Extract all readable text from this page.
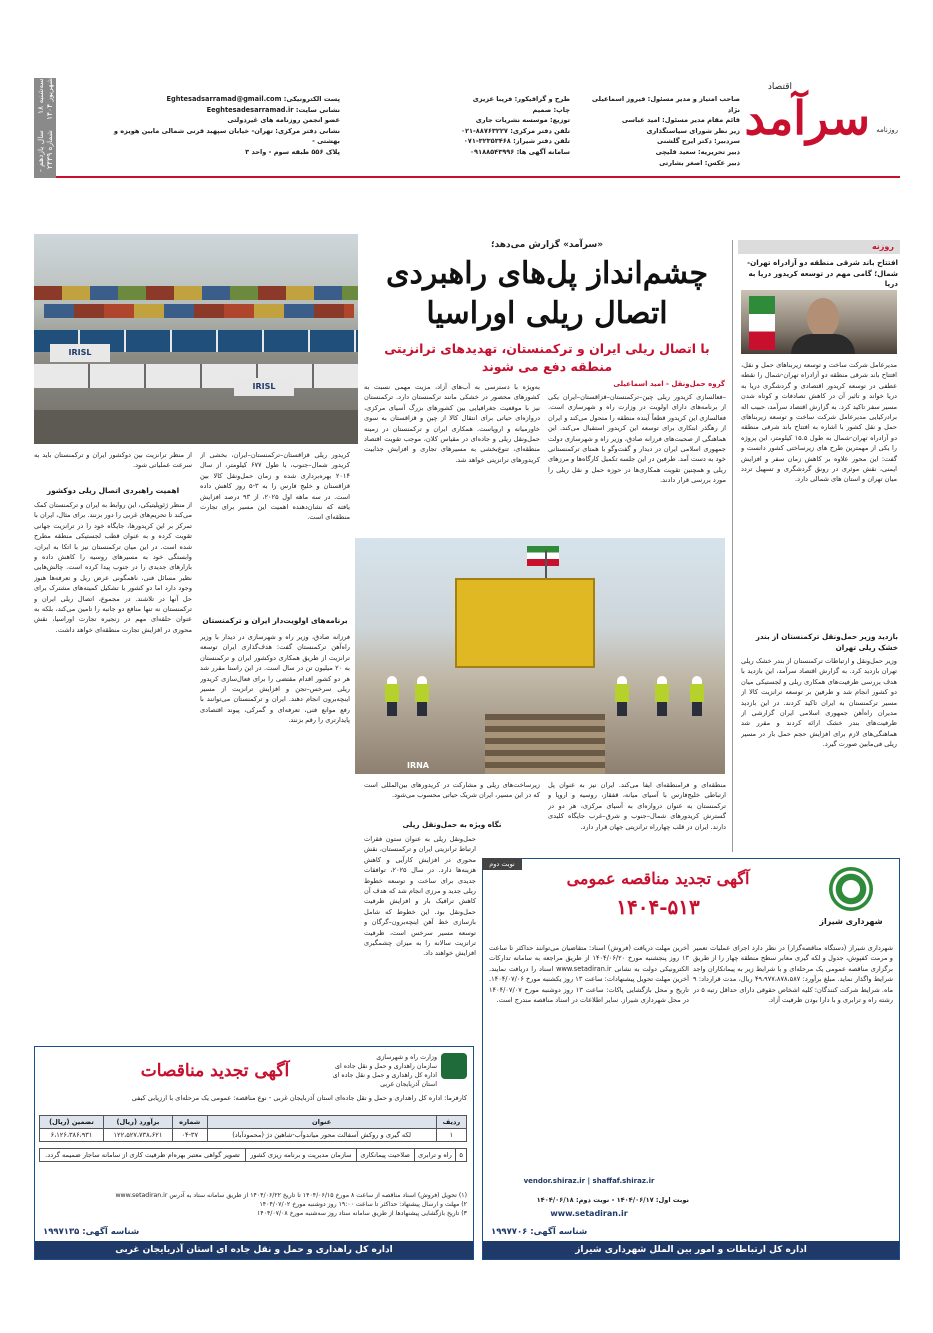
سه‌شنبه ۱۸ شهریور ۱۴۰۴
سال یازدهم - شماره ۲۴۳۹	سرآمد
اقتصاد
روزنامه
صاحب امتیاز و مدیر مسئول: فیروز اسماعیلی نژاد
قائم مقام مدیر مسئول: امید عباسی
زیر نظر شورای سیاستگذاری
سردبیر: دکتر ایرج گلشنی
دبیر تحریریه: سعید قلیچی
دبیر عکس: اصغر بشارتی
طرح و گرافیکور: فریبا عزیزی
چاپ: صمیم
توزیع: موسسه نشریات جاری
تلفن دفتر مرکزی: ۸۸۷۶۳۲۲۷-۰۲۱
تلفن دفتر شیراز: ۳۲۳۵۳۴۶۸-۰۷۱
سامانه آگهی ها: ۰۹۱۸۸۵۴۳۹۹۶
پست الکترونیکی: Eghtesadsarramad@gmail.com
نشانی سایت: Eeghtesadesarramad.ir
عضو انجمن روزنامه های غیردولتی
نشانی دفتر مرکزی: تهران- خیابان سپهبد قرنی شمالی مابین هویزه و بهشتی -
پلاک ۵۵۶ طبقه سوم - واحد ۳
روزنه
افتتاح باند شرقی منطقه دو آزادراه تهران- شمال؛ گامی مهم در توسعه کریدور دریا به دریا
مدیرعامل شرکت ساخت و توسعه زیربناهای حمل و نقل، افتتاح باند شرقی منطقه دو آزادراه تهران-شمال را نقطه عطفی در توسعه کریدور اقتصادی و گردشگری دریا به دریا خواند و تاثیر آن در کاهش تصادفات و کوتاه شدن مسیر سفر تاکید کرد. به گزارش اقتصاد سرآمد، حبیب اله برادرکیایی مدیرعامل شرکت ساخت و توسعه زیربناهای حمل و نقل کشور با اشاره به افتتاح باند شرقی منطقه دو آزادراه تهران-شمال به طول ۱۵.۵ کیلومتر، این پروژه را یکی از مهمترین طرح های زیرساختی کشور دانست و گفت: این محور علاوه بر کاهش زمان سفر و افزایش ایمنی، نقش موثری در رونق گردشگری و تسهیل تردد میان تهران و استان های شمالی دارد.
بازدید وزیر حمل‌ونقل ترکمنستان از بندر خشک ریلی تهران
وزیر حمل‌ونقل و ارتباطات ترکمنستان از بندر خشک ریلی تهران بازدید کرد. به گزارش اقتصاد سرآمد، این بازدید با هدف بررسی ظرفیت‌های همکاری ریلی و لجستیکی میان دو کشور انجام شد و طرفین بر توسعه ترانزیت کالا از مسیر ترکمنستان به ایران تاکید کردند. در این بازدید مدیران راه‌آهن جمهوری اسلامی ایران گزارشی از ظرفیت‌های بندر خشک ارائه کردند و مقرر شد هماهنگی‌های لازم برای افزایش حجم حمل بار در مسیر ریلی فی‌مابین صورت گیرد.
«سرآمد» گزارش می‌دهد؛
چشم‌انداز پل‌های راهبردی
اتصال ریلی اوراسیا
با اتصال ریلی ایران و ترکمنستان، تهدیدهای ترانزیتی منطقه دفع می شوند
IRISL
IRISL	گروه حمل‌ونقل - امید اسماعیلی
–فعالسازی کریدور ریلی چین–ترکمنستان–قزاقستان–ایران یکی از برنامه‌های دارای اولویت در وزارت راه و شهرسازی است. فعالسازی این کریدور قطعاً آینده منطقه را متحول می‌کند و ایران از رهگذر ابتکاری برای توسعه این کریدور استقبال می‌کند. این هماهنگی از صحبت‌های فرزانه صادق، وزیر راه و شهرسازی دولت جمهوری اسلامی ایران در دیدار و گفت‌وگو با همتای ترکمنستانی خود به دست آمد. طرفین در این جلسه تکمیل کارگاه‌ها و مرزهای ریلی و همچنین تقویت همکاری‌ها در حوزه حمل و نقل ریلی را مورد بررسی قرار دادند.
به‌ویژه با دسترسی به آب‌های آزاد، مزیت مهمی نسبت به کشورهای محصور در خشکی مانند ترکمنستان دارد. ترکمنستان نیز با موقعیت جغرافیایی بین کشورهای بزرگ آسیای مرکزی، دروازه‌ای حیاتی برای انتقال کالا از چین و قزاقستان به سوی خاورمیانه و اروپاست. همکاری ایران و ترکمنستان در زمینه حمل‌ونقل ریلی و جاده‌ای در مقیاس کلان، موجب تقویت اقتصاد منطقه‌ای، تنوع‌بخشی به مسیرهای تجاری و افزایش جذابیت کریدورهای ترانزیتی خواهد شد.
IRNA
منطقه‌ای و فرامنطقه‌ای ایفا می‌کند. ایران نیز به عنوان پل ارتباطی خلیج‌فارس با آسیای میانه، قفقاز، روسیه و اروپا و ترکمنستان به عنوان دروازه‌ای به آسیای مرکزی، هر دو در گسترش کریدورهای شمال–جنوب و شرق–غرب جایگاه کلیدی دارند. ایران در قلب چهارراه ترانزیتی جهان قرار دارد.
زیرساخت‌های ریلی و مشارکت در کریدورهای بین‌المللی است که در این مسیر، ایران شریک حیاتی محسوب می‌شود.
نگاه ویژه به حمل‌ونقل ریلی
حمل‌ونقل ریلی به عنوان ستون فقرات ارتباط ترانزیتی ایران و ترکمنستان، نقش محوری در افزایش کارآیی و کاهش هزینه‌ها دارد. در سال ۲۰۲۵، توافقات جدیدی برای ساخت و توسعه خطوط ریلی جدید و مرزی انجام شد که هدف آن کاهش ترافیک بار و افزایش ظرفیت حمل‌ونقل بود. این خطوط که شامل بازسازی خط آهن اینچه‌برون–گرگان و توسعه مسیر سرخس است، ظرفیت ترانزیت سالانه را به میزان چشمگیری افزایش خواهند داد.
کریدور ریلی قزاقستان–ترکمنستان–ایران، بخشی از کریدور شمال–جنوب، با طول ۶۷۷ کیلومتر، از سال ۲۰۱۴ بهره‌برداری شده و زمان حمل‌ونقل کالا بین قزاقستان و خلیج فارس را به ۳-۵ روز کاهش داده است. در سه ماهه اول ۲۰۲۵، از ۹۳ درصد افزایش یافته که نشان‌دهنده اهمیت این مسیر برای تجارت منطقه‌ای است.
برنامه‌های اولویت‌دار ایران و ترکمنستان
فرزانه صادق، وزیر راه و شهرسازی در دیدار با وزیر راه‌آهن ترکمنستان گفت: هدف‌گذاری ایران توسعه ترانزیت از طریق همکاری دوکشور ایران و ترکمنستان به ۲۰ میلیون تن در سال است. در این راستا مقرر شد هر دو کشور اقدام مقتضی را برای فعال‌سازی کریدور ریلی سرخس–تجن و افزایش ترانزیت از مسیر اینچه‌برون انجام دهند. ایران و ترکمنستان می‌توانند با رفع موانع فنی، تعرفه‌ای و گمرکی، پیوند اقتصادی پایدارتری را رقم بزنند.
از منظر ترانزیت بین دوکشور ایران و ترکمنستان باید به سرعت عملیاتی شود.
اهمیت راهبردی اتصال ریلی دوکشور
از منظر ژئوپلیتیکی، این روابط به ایران و ترکمنستان کمک می‌کند تا تحریم‌های غربی را دور بزنند. برای مثال، ایران با تمرکز بر این کریدورها، جایگاه خود را در ترانزیت جهانی تقویت کرده و به عنوان قطب لجستیکی منطقه مطرح شده است. در این میان ترکمنستان نیز با اتکا به ایران، وابستگی خود به مسیرهای روسیه را کاهش داده و بازارهای جدیدی را در جنوب پیدا کرده است. چالش‌هایی نظیر مسائل فنی، ناهمگونی عرض ریل و تعرفه‌ها هنوز وجود دارد اما دو کشور با تشکیل کمیته‌های مشترک برای حل آنها در تلاشند. در مجموع، اتصال ریلی ایران و ترکمنستان نه تنها منافع دو جانبه را تامین می‌کند، بلکه به عنوان حلقه‌ای مهم در زنجیره تجارت اوراسیا، نقش محوری در افزایش تجارت منطقه‌ای خواهد داشت.
نوبت دوم
آگهی تجدید مناقصه عمومی
۱۴۰۴-۵۱۳
شهرداری شیراز
شهرداری شیراز (دستگاه مناقصه‌گزار) در نظر دارد اجرای عملیات تعمیر و مرمت کفپوش، جدول و لکه گیری معابر سطح منطقه چهار را از طریق برگزاری مناقصه عمومی یک مرحله‌ای و با شرایط زیر به پیمانکاران واجد شرایط واگذار نماید. مبلغ برآورد: ۴۹،۹۷۷،۸۷۸،۵۸۷ ریال، مدت قرارداد: ۹ ماه. شرایط شرکت کنندگان: کلیه اشخاص حقوقی دارای حداقل رتبه ۵ در رشته راه و ترابری و با دارا بودن ظرفیت آزاد.
آخرین مهلت دریافت (فروش) اسناد: متقاضیان می‌توانند حداکثر تا ساعت ۱۳ روز پنجشنبه مورخ ۱۴۰۴/۰۶/۲۰ از طریق مراجعه به سامانه تدارکات الکترونیکی دولت به نشانی www.setadiran.ir اسناد را دریافت نمایند. آخرین مهلت تحویل پیشنهادات: ساعت ۱۳ روز یکشنبه مورخ ۱۴۰۴/۰۷/۰۶. تاریخ و محل بازگشایی پاکات: ساعت ۱۳ روز دوشنبه مورخ ۱۴۰۴/۰۷/۰۷ در محل شهرداری شیراز. سایر اطلاعات در اسناد مناقصه مندرج است.
vendor.shiraz.ir | shaffaf.shiraz.ir
نوبت اول: ۱۴۰۴/۰۶/۱۷ - نوبت دوم: ۱۴۰۴/۰۶/۱۸
www.setadiran.ir
شناسه آگهی: ۱۹۹۷۷۰۶
اداره کل ارتباطات و امور بین الملل شهرداری شیراز
آگهی تجدید مناقصات
وزارت راه و شهرسازی
سازمان راهداری و حمل و نقل جاده ای
اداره کل راهداری و حمل و نقل جاده ای
استان آذربایجان غربی
کارفرما: اداره کل راهداری و حمل و نقل جاده‌ای استان آذربایجان غربی - نوع مناقصه: عمومی یک مرحله‌ای با ارزیابی کیفی
ردیف	عنوان	شماره	برآورد (ریال)	تضمین (ریال)
۱	لکه گیری و روکش آسفالت محور میاندوآب-شاهین دژ (محمودآباد)	۰۴-۳۷	۱۲۲،۵۲۷،۷۳۸،۶۲۱	۶،۱۲۶،۳۸۶،۹۳۱
۵	راه و ترابری	صلاحیت پیمانکاری	سازمان مدیریت و برنامه ریزی کشور	تصویر گواهی معتبر بهره‌ام ظرفیت کاری از سامانه ساجار ضمیمه گردد.
(۱) تحویل (فروش) اسناد مناقصه از ساعت ۸ مورخ ۱۴۰۴/۰۶/۱۵ تا تاریخ ۱۴۰۴/۰۶/۲۲ از طریق سامانه ستاد به آدرس www.setadiran.ir
۲) مهلت و ارسال پیشنهاد: حداکثر تا ساعت ۱۹:۰۰ روز دوشنبه مورخ ۱۴۰۴/۰۷/۰۲
۳) تاریخ بازگشایی پیشنهادها از طریق سامانه ستاد روز سه‌شنبه مورخ ۱۴۰۴/۰۷/۰۸
شناسه آگهی: ۱۹۹۷۱۳۵
اداره کل راهداری و حمل و نقل جاده ای استان آذربایجان غربی
